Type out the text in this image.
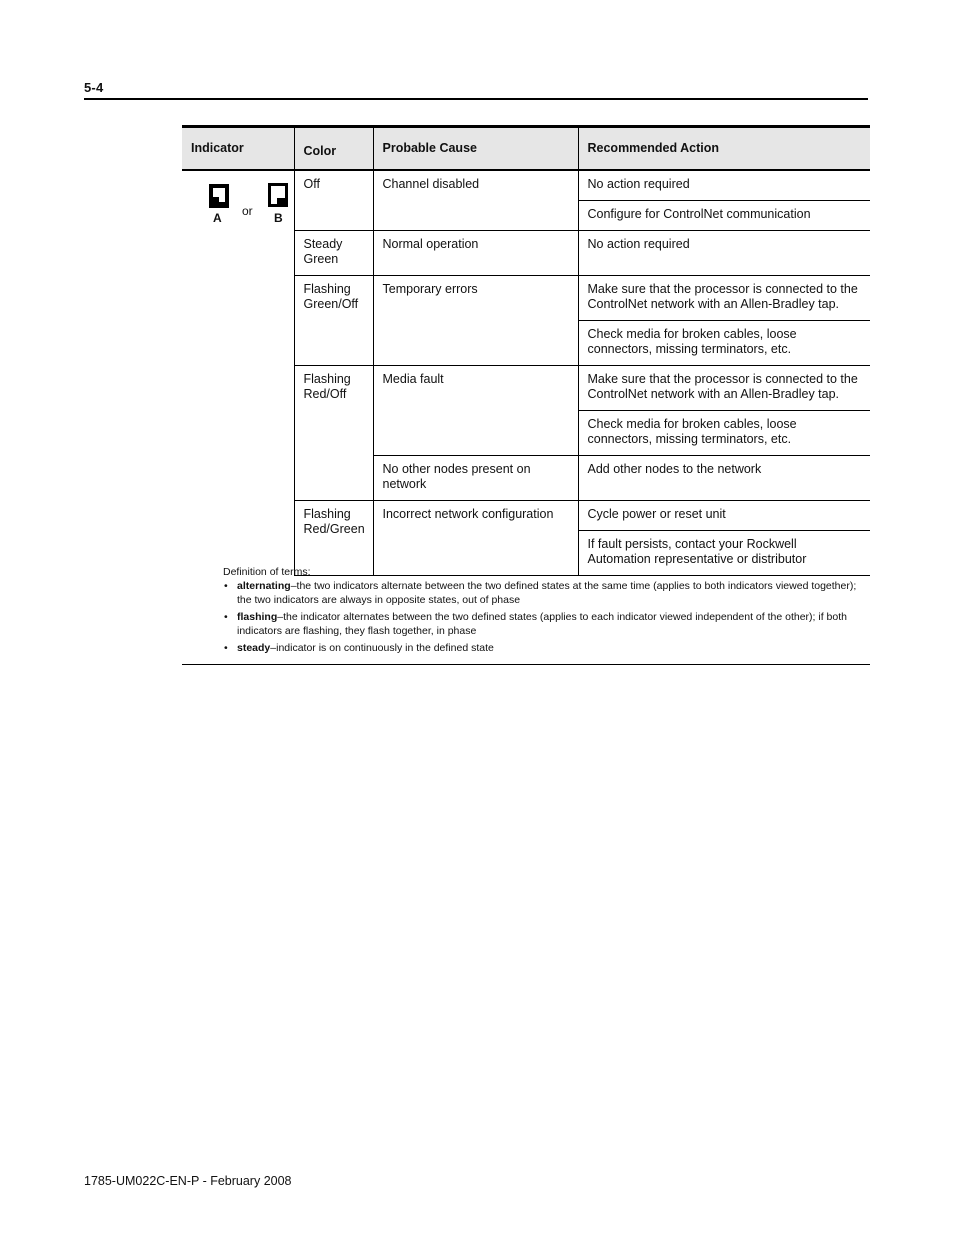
5-4
Indicator	Color	Probable Cause	Recommended Action

A or B	Off	Channel disabled	No action required
			Configure for ControlNet communication
	Steady Green	Normal operation	No action required
	Flashing Green/Off	Temporary errors	Make sure that the processor is connected to the ControlNet network with an Allen-Bradley tap.
			Check media for broken cables, loose connectors, missing terminators, etc.
	Flashing Red/Off	Media fault	Make sure that the processor is connected to the ControlNet network with an Allen-Bradley tap.
			Check media for broken cables, loose connectors, missing terminators, etc.
		No other nodes present on network	Add other nodes to the network
	Flashing Red/Green	Incorrect network configuration	Cycle power or reset unit
			If fault persists, contact your Rockwell Automation representative or distributor
Definition of terms:
• alternating–the two indicators alternate between the two defined states at the same time (applies to both indicators viewed together); the two indicators are always in opposite states, out of phase
• flashing–the indicator alternates between the two defined states (applies to each indicator viewed independent of the other); if both indicators are flashing, they flash together, in phase
• steady–indicator is on continuously in the defined state
1785-UM022C-EN-P - February 2008
